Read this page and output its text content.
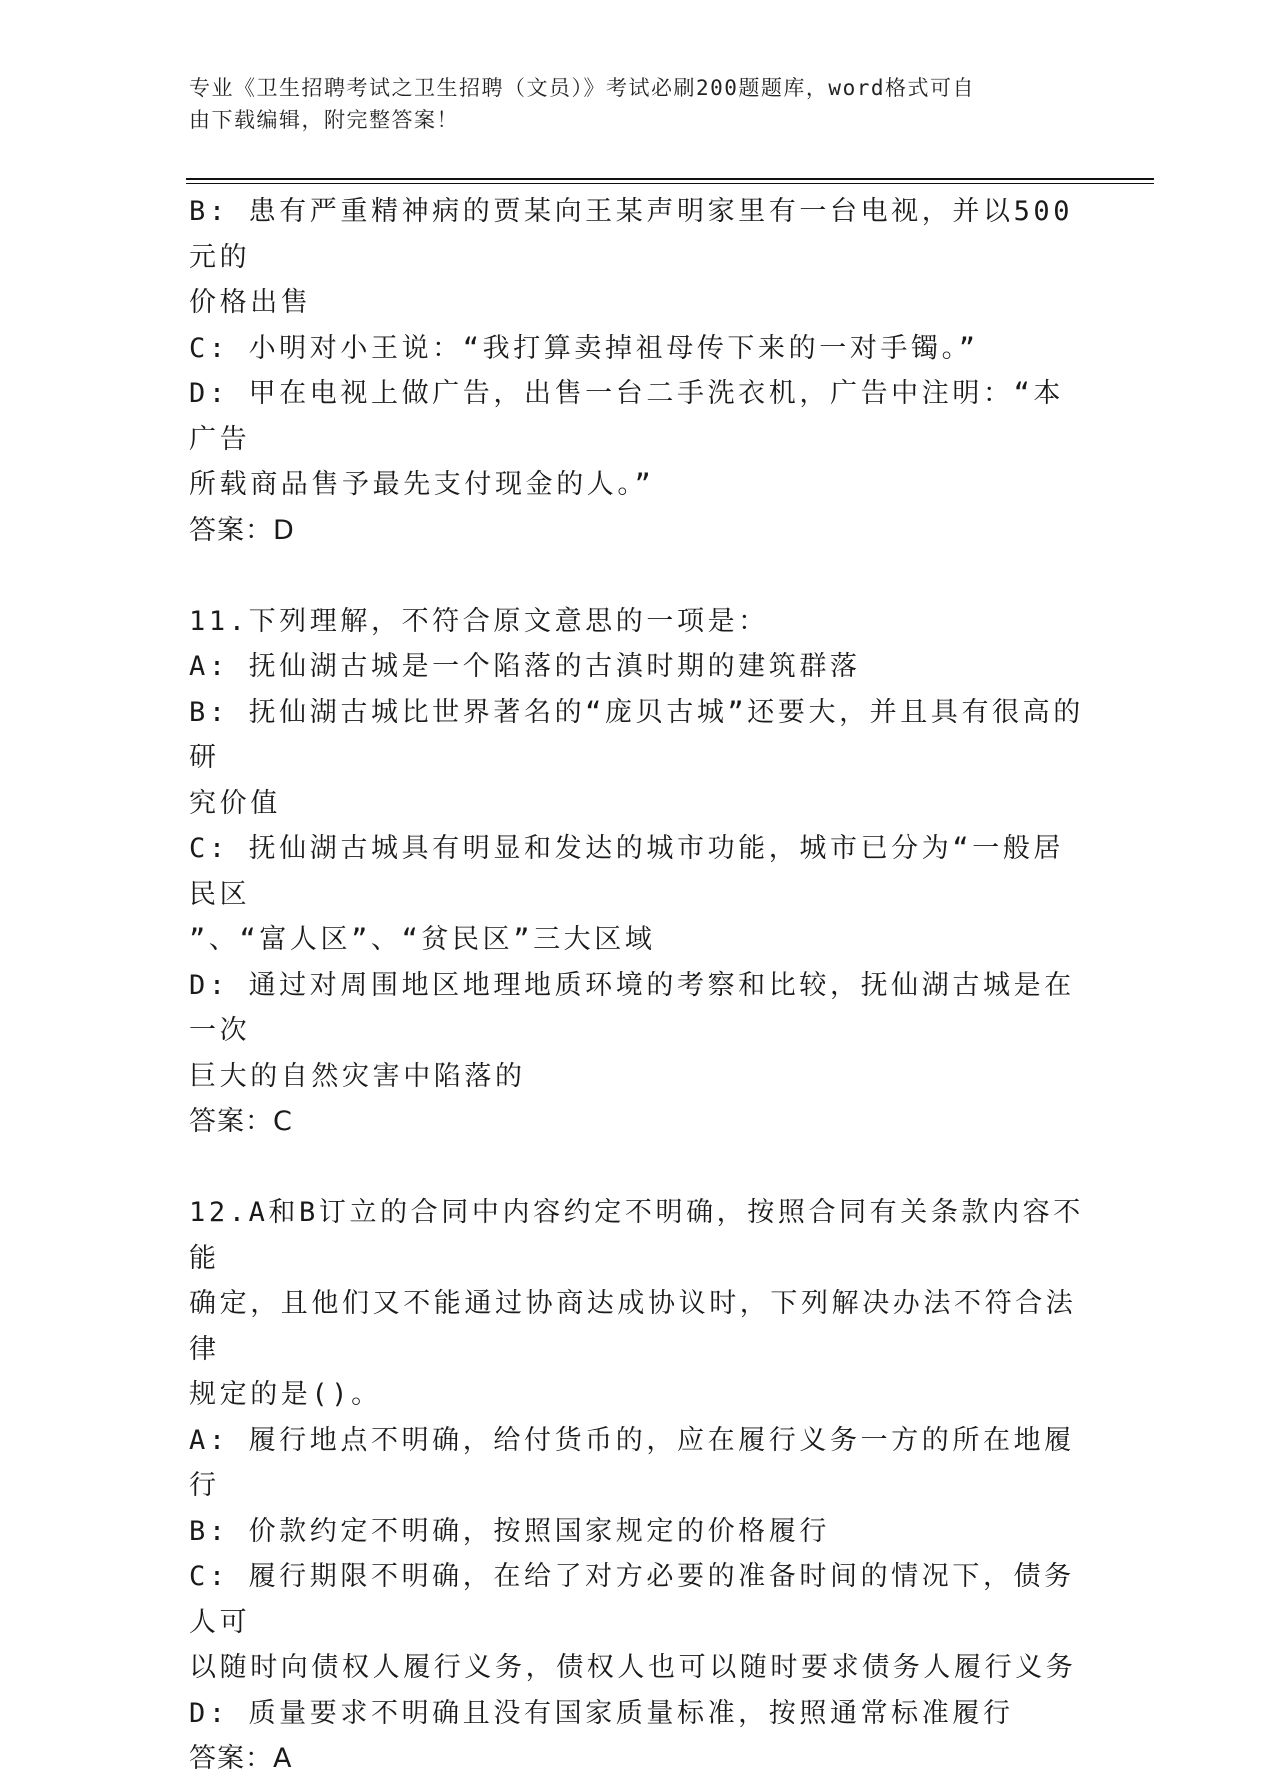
专业《卫生招聘考试之卫生招聘（文员）》考试必刷200题题库，word格式可自
由下载编辑，附完整答案！
B: 患有严重精神病的贾某向王某声明家里有一台电视，并以500元的
价格出售
C: 小明对小王说：“我打算卖掉祖母传下来的一对手镯。”
D: 甲在电视上做广告，出售一台二手洗衣机，广告中注明：“本广告
所载商品售予最先支付现金的人。”
答案：D
11.下列理解，不符合原文意思的一项是：
A: 抚仙湖古城是一个陷落的古滇时期的建筑群落
B: 抚仙湖古城比世界著名的“庞贝古城”还要大，并且具有很高的研
究价值
C: 抚仙湖古城具有明显和发达的城市功能，城市已分为“一般居民区
”、“富人区”、“贫民区”三大区域
D: 通过对周围地区地理地质环境的考察和比较，抚仙湖古城是在一次
巨大的自然灾害中陷落的
答案：C
12.A和B订立的合同中内容约定不明确，按照合同有关条款内容不能
确定，且他们又不能通过协商达成协议时，下列解决办法不符合法律
规定的是()。
A: 履行地点不明确，给付货币的，应在履行义务一方的所在地履行
B: 价款约定不明确，按照国家规定的价格履行
C: 履行期限不明确，在给了对方必要的准备时间的情况下，债务人可
以随时向债权人履行义务，债权人也可以随时要求债务人履行义务
D: 质量要求不明确且没有国家质量标准，按照通常标准履行
答案：A
